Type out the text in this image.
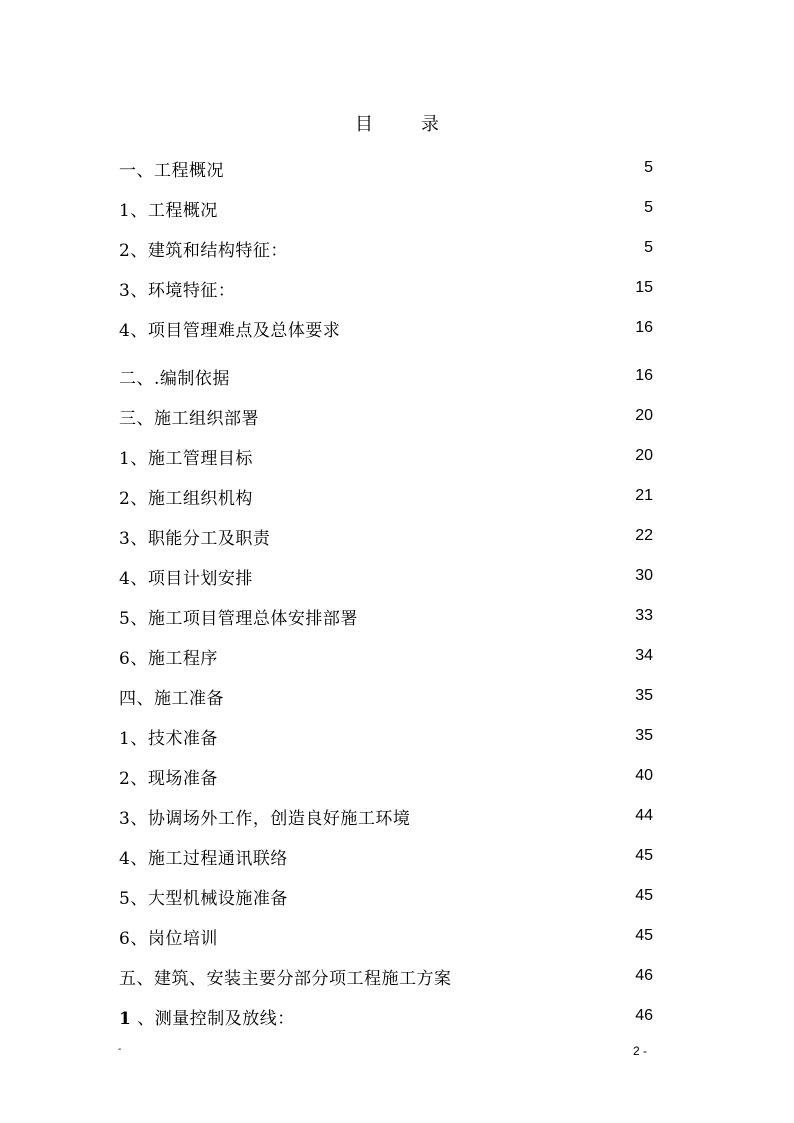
目	录
一、工程概况	5
1、工程概况	5
2、建筑和结构特征：	5
3、环境特征：	15
4、项目管理难点及总体要求	16
二、.编制依据	16
三、施工组织部署	20
1、施工管理目标	20
2、施工组织机构	21
3、职能分工及职责	22
4、项目计划安排	30
5、施工项目管理总体安排部署	33
6、施工程序	34
四、施工准备	35
1、技术准备	35
2、现场准备	40
3、协调场外工作，创造良好施工环境	44
4、施工过程通讯联络	45
5、大型机械设施准备	45
6、岗位培训	45
五、建筑、安装主要分部分项工程施工方案	46
1 、测量控制及放线：	46
-	2 -
